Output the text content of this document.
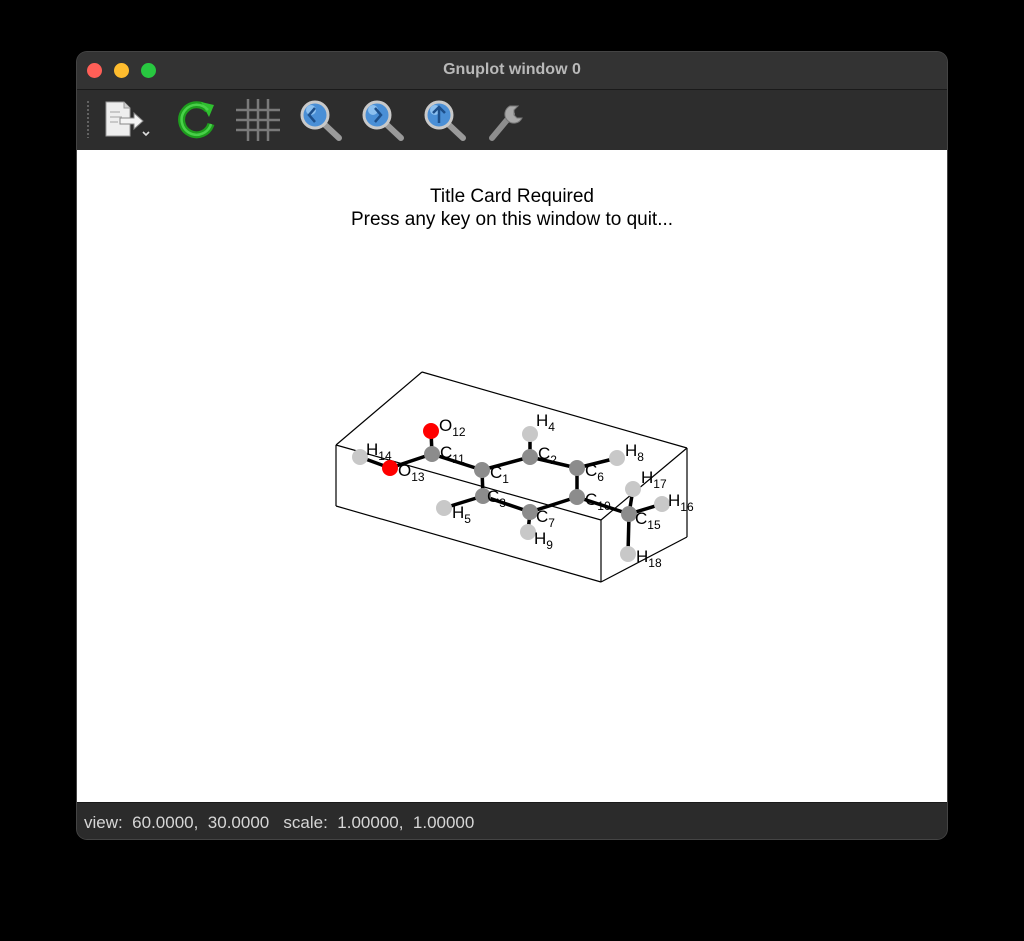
Gnuplot window 0
Title Card Required
Press any key on this window to quit...
$C_1$
$C_2$
$C_3$
$H_4$
$H_5$
$C_6$
$C_7$
$H_8$
$H_9$
$C_{10}$
$C_{11}$
$O_{12}$
$O_{13}$
$H_{14}$
$C_{15}$
$H_{16}$
$H_{17}$
$H_{18}$
view:  60.0000,  30.0000   scale:  1.00000,  1.00000
